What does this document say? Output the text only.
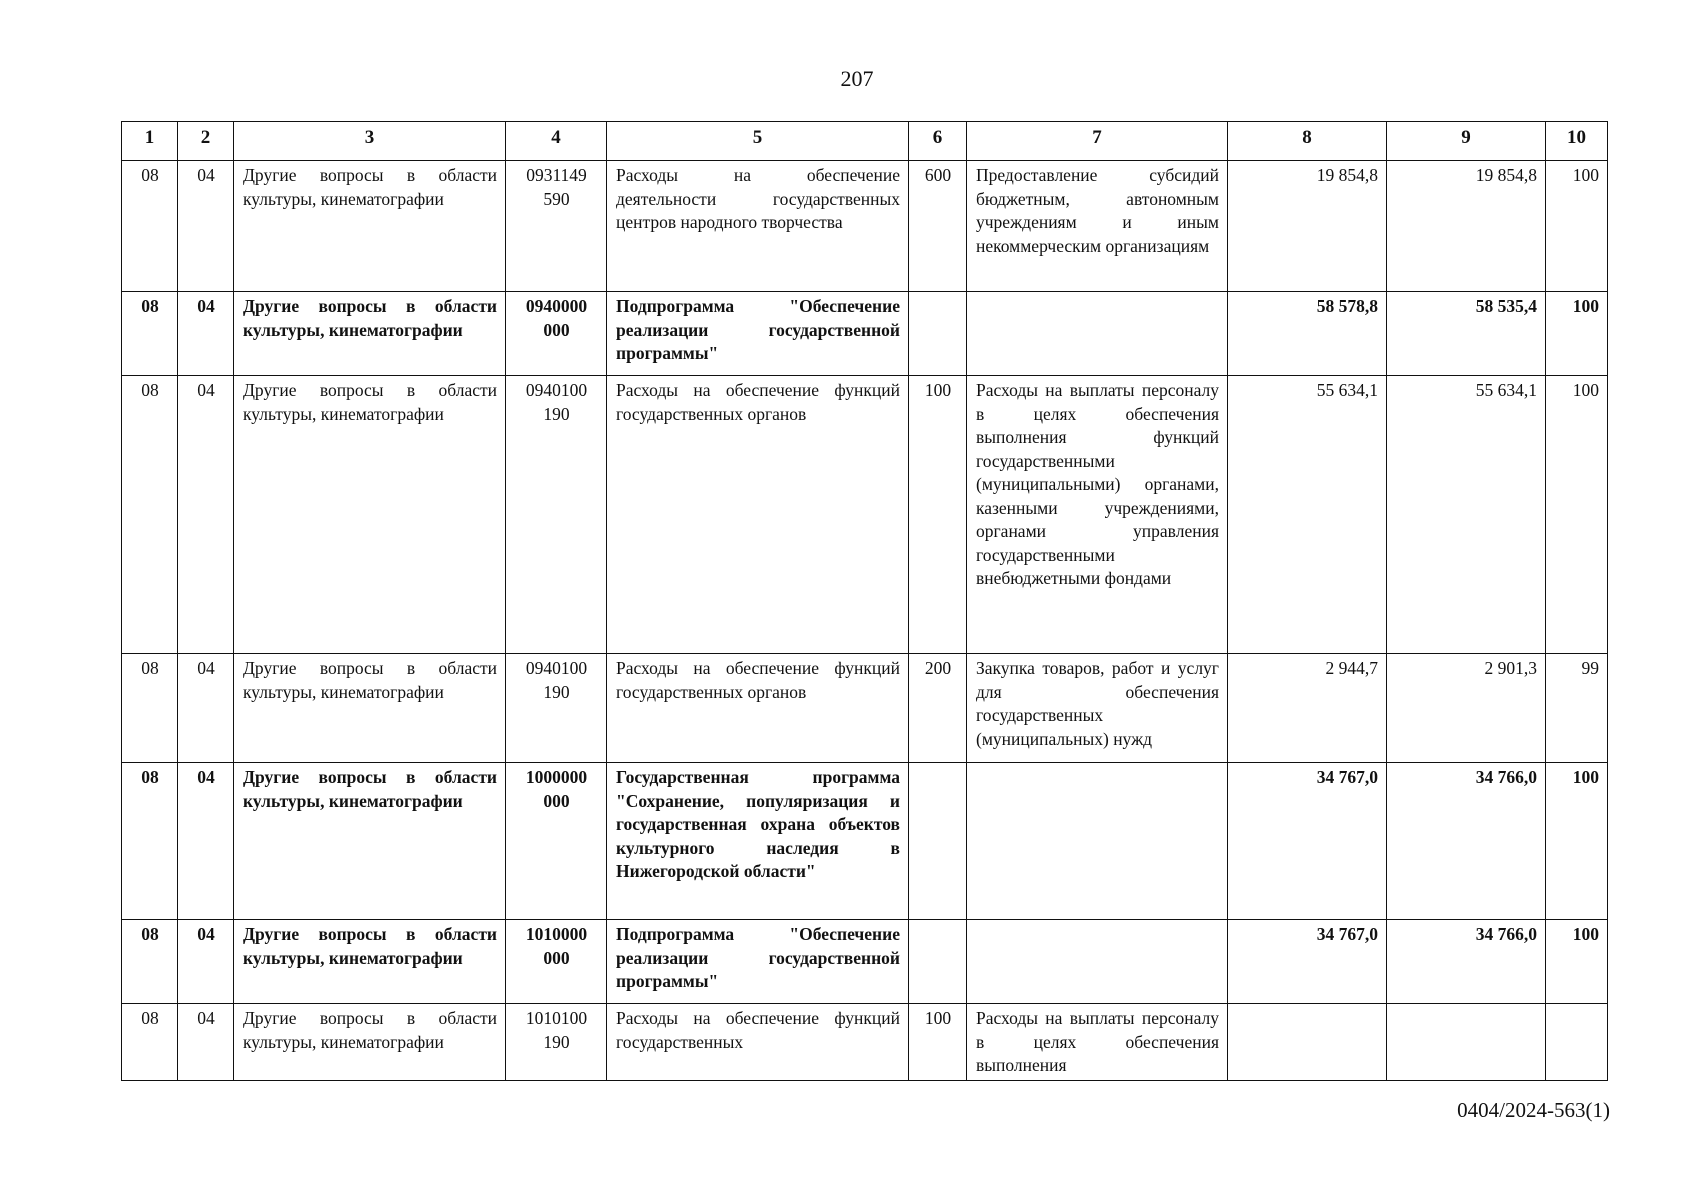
207
1	2	3	4	5	6	7	8	9	10
08	04	Другие вопросы в области культуры, кинематографии	0931149 590	Расходы на обеспечение деятельности государственных центров народного творчества	600	Предоставление субсидий бюджетным, автономным учреждениям и иным некоммерческим организациям	19 854,8	19 854,8	100
08	04	Другие вопросы в области культуры, кинематографии	0940000 000	Подпрограмма "Обеспечение реализации государственной программы"			58 578,8	58 535,4	100
08	04	Другие вопросы в области культуры, кинематографии	0940100 190	Расходы на обеспечение функций государственных органов	100	Расходы на выплаты персоналу в целях обеспечения выполнения функций государственными (муниципальными) органами, казенными учреждениями, органами управления государственными внебюджетными фондами	55 634,1	55 634,1	100
08	04	Другие вопросы в области культуры, кинематографии	0940100 190	Расходы на обеспечение функций государственных органов	200	Закупка товаров, работ и услуг для обеспечения государственных (муниципальных) нужд	2 944,7	2 901,3	99
08	04	Другие вопросы в области культуры, кинематографии	1000000 000	Государственная программа "Сохранение, популяризация и государственная охрана объектов культурного наследия в Нижегородской области"			34 767,0	34 766,0	100
08	04	Другие вопросы в области культуры, кинематографии	1010000 000	Подпрограмма "Обеспечение реализации государственной программы"			34 767,0	34 766,0	100
08	04	Другие вопросы в области культуры, кинематографии	1010100 190	Расходы на обеспечение функций государственных	100	Расходы на выплаты персоналу в целях обеспечения выполнения			
0404/2024-563(1)
